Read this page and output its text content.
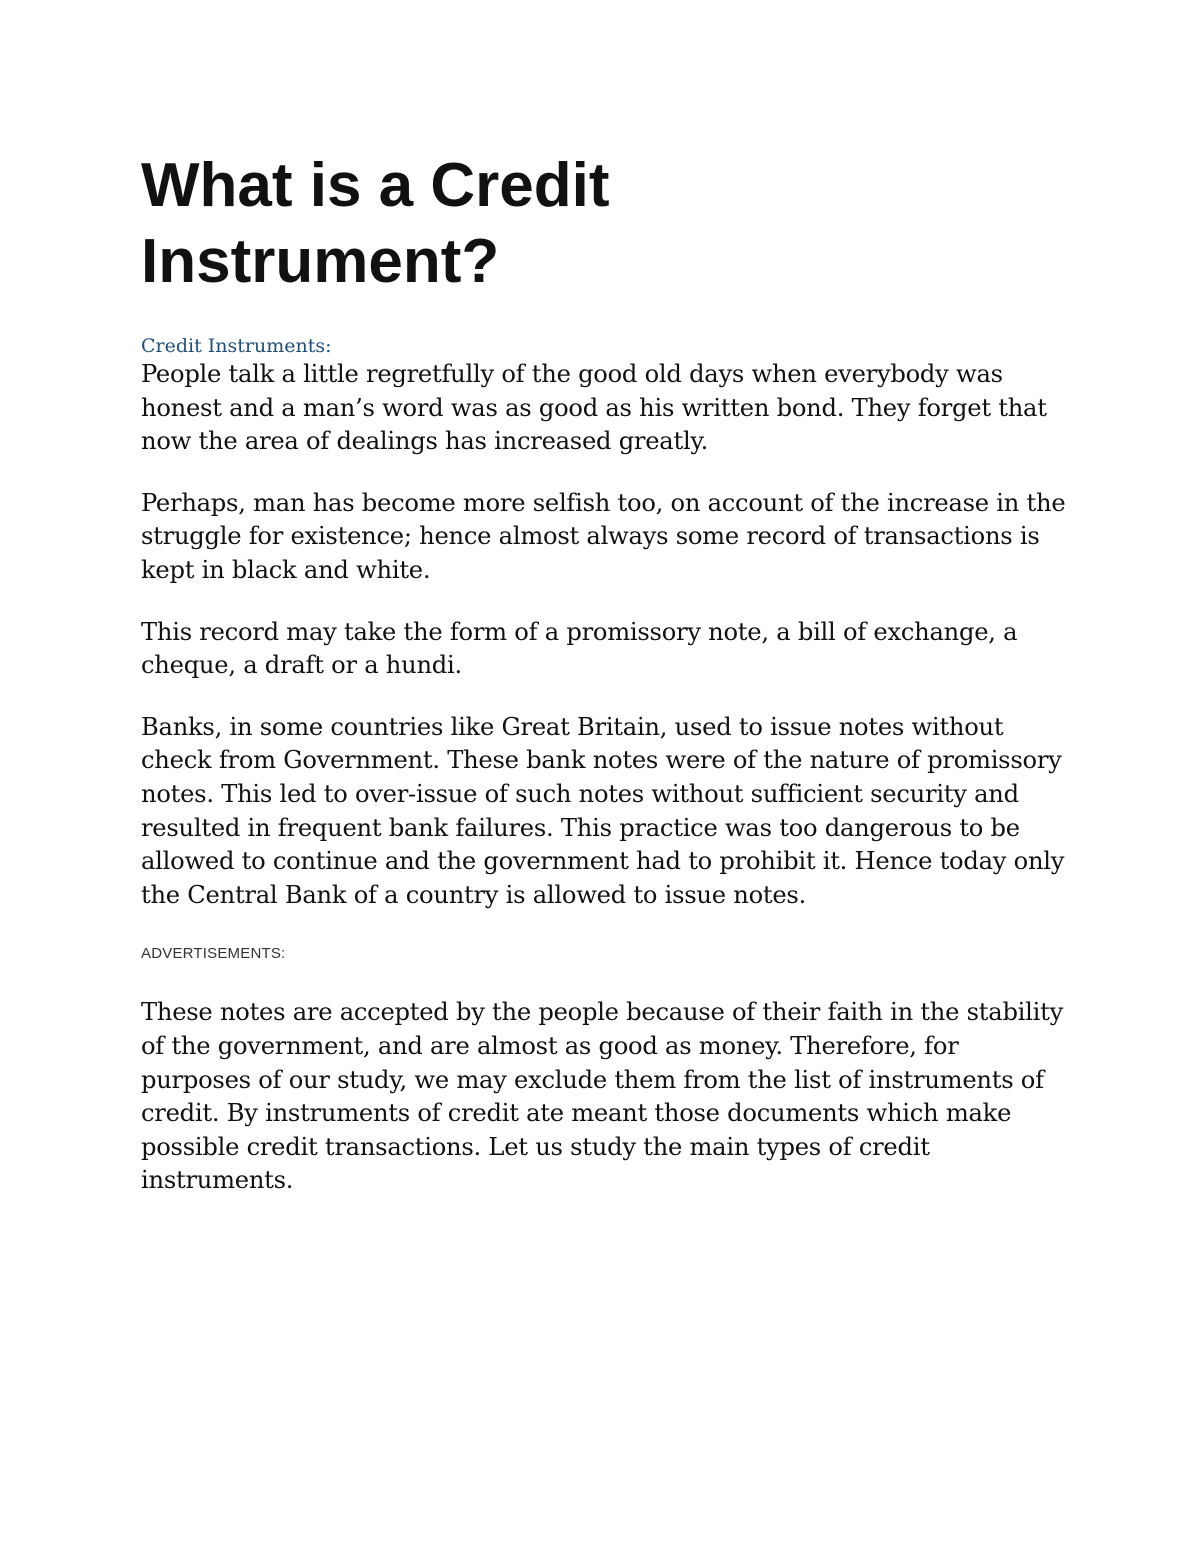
What is a Credit Instrument?
Credit Instruments:

People talk a little regretfully of the good old days when everybody was honest and a man’s word was as good as his written bond. They forget that now the area of dealings has increased greatly.

Perhaps, man has become more selfish too, on account of the increase in the struggle for existence; hence almost always some record of transactions is kept in black and white.

This record may take the form of a promissory note, a bill of exchange, a cheque, a draft or a hundi.

Banks, in some countries like Great Britain, used to issue notes without check from Government. These bank notes were of the nature of promissory notes. This led to over-issue of such notes without sufficient security and resulted in frequent bank failures. This practice was too dangerous to be allowed to continue and the government had to prohibit it. Hence today only the Central Bank of a country is allowed to issue notes.

ADVERTISEMENTS:

These notes are accepted by the people because of their faith in the stability of the government, and are almost as good as money. Therefore, for purposes of our study, we may exclude them from the list of instruments of credit. By instruments of credit ate meant those documents which make possible credit transactions. Let us study the main types of credit instruments.
